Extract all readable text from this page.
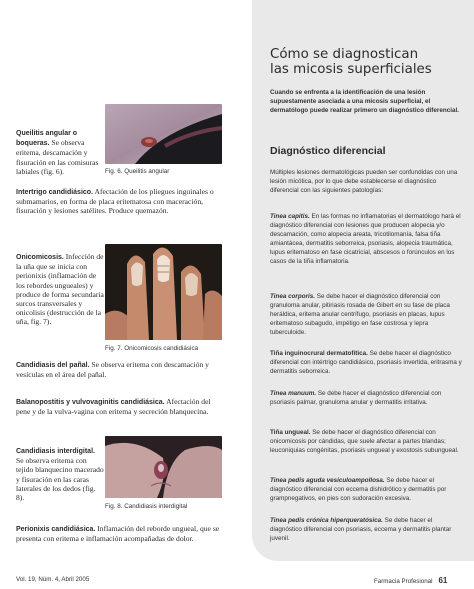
Queilitis angular o boqueras. Se observa eritema, descamación y fisuración en las comisuras labiales (fig. 6).

Intertrigo candidiásico. Afectación de los pliegues inguinales o submamarios, en forma de placa eritematosa con maceración, fisuración y lesiones satélites. Produce quemazón.

Onicomicosis. Infección de la uña que se inicia con perionixis (inflamación de los rebordes ungueales) y produce de forma secundaria surcos transversales y onicolisis (destrucción de la uña, fig. 7).

Candidiasis del pañal. Se observa eritema con descamación y vesículas en el área del pañal.

Balanopostitis y vulvovaginitis candidiásica. Afectación del pene y de la vulva-vagina con eritema y secreción blanquecina.

Candidiasis interdigital. Se observa eritema con tejido blanquecino macerado y fisuración en las caras laterales de los dedos (fig. 8).

Perionixis candidiásica. Inflamación del reborde ungueal, que se presenta con eritema e inflamación acompañadas de dolor.

Fig. 6. Queilitis angular
Fig. 7. Onicomicosis candidiásica
Fig. 8. Candidiasis interdigital
Cómo se diagnostican
las micosis superficiales

Cuando se enfrenta a la identificación de una lesión supuestamente asociada a una micosis superficial, el dermatólogo puede realizar primero un diagnóstico diferencial.

Diagnóstico diferencial

Múltiples lesiones dermatológicas pueden ser confundidas con una lesión micótica, por lo que debe establecerse el diagnóstico diferencial con las siguientes patologías:

Tinea capitis. En las formas no inflamatorias el dermatólogo hará el diagnóstico diferencial con lesiones que producen alopecia y/o descamación, como alopecia areata, tricotilomanía, falsa tiña amiantácea, dermatitis seborreica, psoriasis, alopecia traumática, lupus eritematoso en fase cicatricial, abscesos o forúnculos en los casos de la tiña inflamatoria.

Tinea corporis. Se debe hacer el diagnóstico diferencial con granuloma anular, pitiriasis rosada de Gibert en su fase de placa heráldica, eritema anular centrífugo, psoriasis en placas, lupus eritematoso subagudo, impétigo en fase costrosa y lepra tuberculoide.

Tiña inguinocrural dermatofítica. Se debe hacer el diagnóstico diferencial con intértrigo candidiásico, psoriasis invertida, eritrasma y dermatitis seborreica.

Tinea manuum. Se debe hacer el diagnóstico diferencial con psoriasis palmar, granuloma anular y dermatitis irritativa.

Tiña ungueal. Se debe hacer el diagnóstico diferencial con onicomicosis por cándidas, que suele afectar a partes blandas; leuconiquias congénitas, psoriasis ungueal y exostosis subungueal.

Tinea pedis aguda vesiculoampollosa. Se debe hacer el diagnóstico diferencial con eccema dishidrótico y dermatitis por grampnegativos, en pies con sudoración excesiva.

Tinea pedis crónica hiperqueratósica. Se debe hacer el diagnóstico diferencial con psoriasis, eccema y dermatitis plantar juvenil.

Vol. 19, Núm. 4, Abril 2005	Farmacia Profesional 61
